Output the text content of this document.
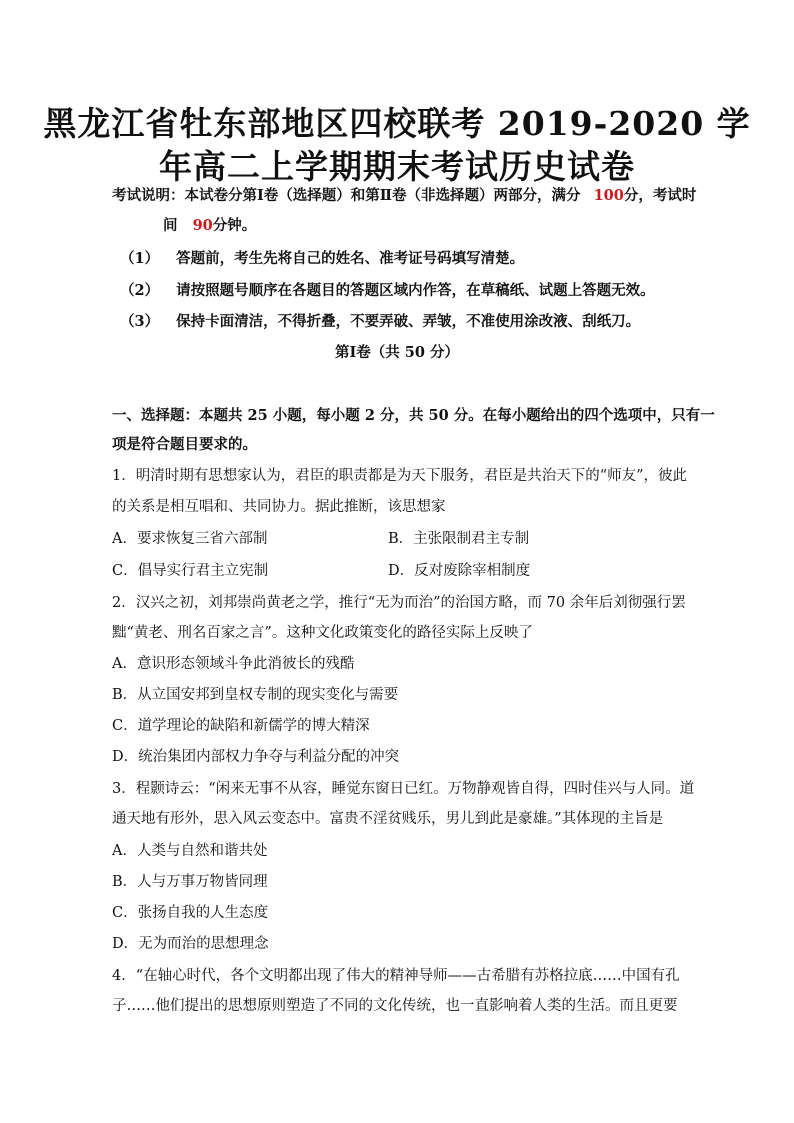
黑龙江省牡东部地区四校联考 2019-2020 学
年高二上学期期末考试历史试卷
考试说明：本试卷分第Ⅰ卷（选择题）和第Ⅱ卷（非选择题）两部分，满分 100分，考试时
间 90分钟。
（1） 答题前，考生先将自己的姓名、准考证号码填写清楚。
（2） 请按照题号顺序在各题目的答题区域内作答，在草稿纸、试题上答题无效。
（3） 保持卡面清洁，不得折叠，不要弄破、弄皱，不准使用涂改液、刮纸刀。
第Ⅰ卷（共 50 分）
一、选择题：本题共 25 小题，每小题 2 分，共 50 分。在每小题给出的四个选项中，只有一
项是符合题目要求的。
1．明清时期有思想家认为，君臣的职责都是为天下服务，君臣是共治天下的“师友”，彼此
的关系是相互唱和、共同协力。据此推断，该思想家
A．要求恢复三省六部制	B．主张限制君主专制
C．倡导实行君主立宪制	D．反对废除宰相制度
2．汉兴之初，刘邦崇尚黄老之学，推行“无为而治”的治国方略，而 70 余年后刘彻强行罢
黜“黄老、刑名百家之言”。这种文化政策变化的路径实际上反映了
A．意识形态领域斗争此消彼长的残酷
B．从立国安邦到皇权专制的现实变化与需要
C．道学理论的缺陷和新儒学的博大精深
D．统治集团内部权力争夺与利益分配的冲突
3．程颢诗云：“闲来无事不从容，睡觉东窗日已红。万物静观皆自得，四时佳兴与人同。道
通天地有形外，思入风云变态中。富贵不淫贫贱乐，男儿到此是豪雄。”其体现的主旨是
A．人类与自然和谐共处
B．人与万事万物皆同理
C．张扬自我的人生态度
D．无为而治的思想理念
4．“在轴心时代，各个文明都出现了伟大的精神导师——古希腊有苏格拉底……中国有孔
子……他们提出的思想原则塑造了不同的文化传统，也一直影响着人类的生活。而且更要
